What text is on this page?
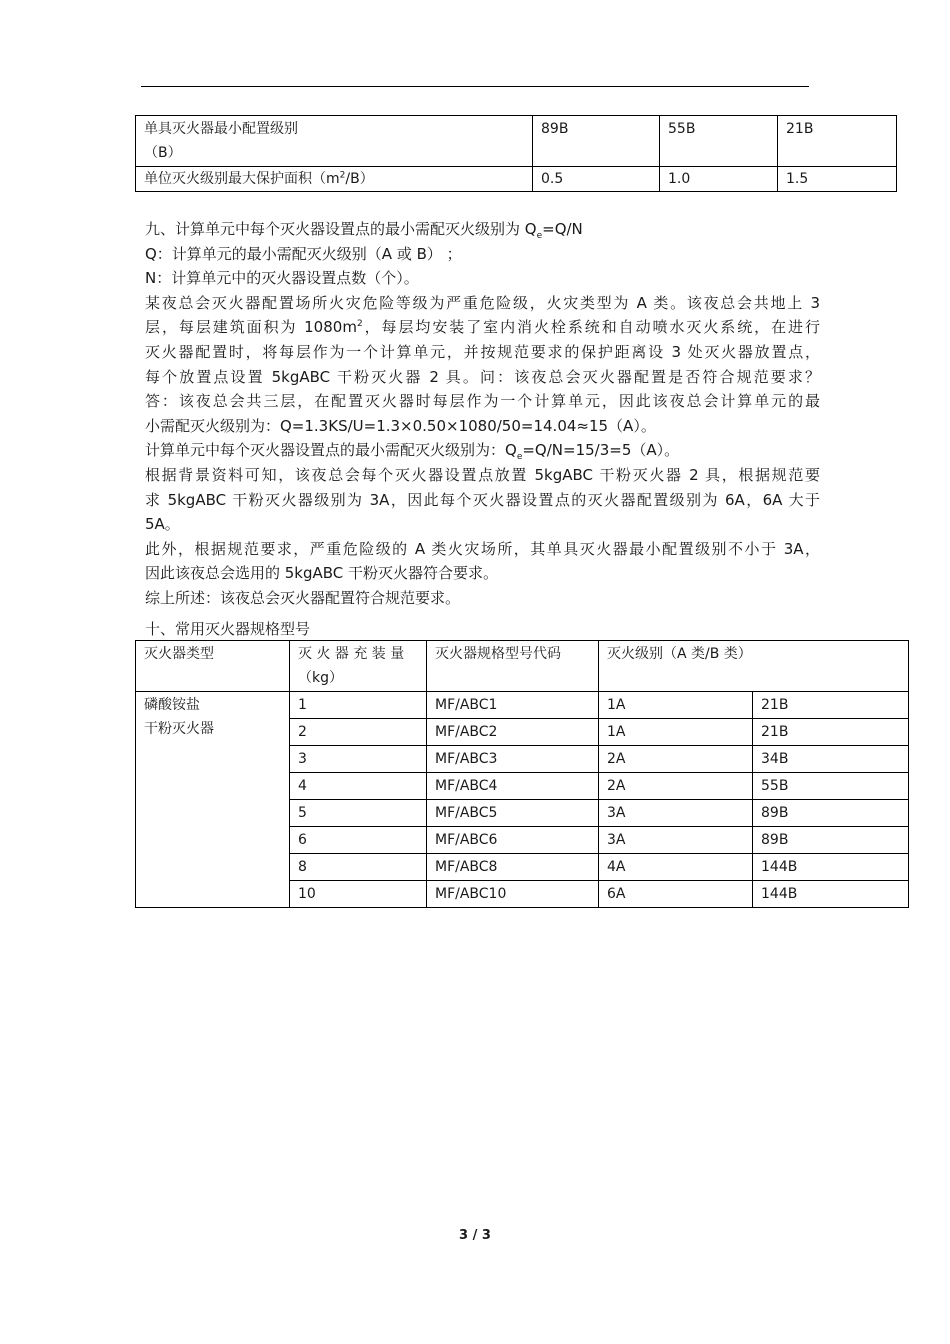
单具灭火器最小配置级别
（B）	89B	55B	21B
单位灭火级别最大保护面积$(m^2/B)$	0.5	1.0	1.5
九、计算单元中每个灭火器设置点的最小需配灭火级别为 $Q_e=Q/N$
Q：计算单元的最小需配灭火级别（A 或 B） ；
N：计算单元中的灭火器设置点数（个）。
某夜总会灭火器配置场所火灾危险等级为严重危险级，火灾类型为 A 类。该夜总会共地上 3
层，每层建筑面积为 $1080m^2$，每层均安装了室内消火栓系统和自动喷水灭火系统，在进行
灭火器配置时，将每层作为一个计算单元，并按规范要求的保护距离设 3 处灭火器放置点，
每个放置点设置 5kgABC 干粉灭火器 2 具。问：该夜总会灭火器配置是否符合规范要求？
答：该夜总会共三层，在配置灭火器时每层作为一个计算单元，因此该夜总会计算单元的最
小需配灭火级别为：Q=1.3KS/U=1.3×0.50×1080/50=14.04≈15（A）。
计算单元中每个灭火器设置点的最小需配灭火级别为：$Q_e=Q/N=15/3=5(A)$。
根据背景资料可知，该夜总会每个灭火器设置点放置 5kgABC 干粉灭火器 2 具，根据规范要
求 5kgABC 干粉灭火器级别为 3A，因此每个灭火器设置点的灭火器配置级别为 6A，6A 大于
5A。
此外，根据规范要求，严重危险级的 A 类火灾场所，其单具灭火器最小配置级别不小于 3A，
因此该夜总会选用的 5kgABC 干粉灭火器符合要求。
综上所述：该夜总会灭火器配置符合规范要求。
十、常用灭火器规格型号
灭火器类型	灭 火 器 充 装 量
（kg）	灭火器规格型号代码	灭火级别（A 类/B 类）	

磷酸铵盐
干粉灭火器	1	MF/ABC1	1A	21B
	2	MF/ABC2	1A	21B
	3	MF/ABC3	2A	34B
	4	MF/ABC4	2A	55B
	5	MF/ABC5	3A	89B
	6	MF/ABC6	3A	89B
	8	MF/ABC8	4A	144B
	10	MF/ABC10	6A	144B
3 / 3
